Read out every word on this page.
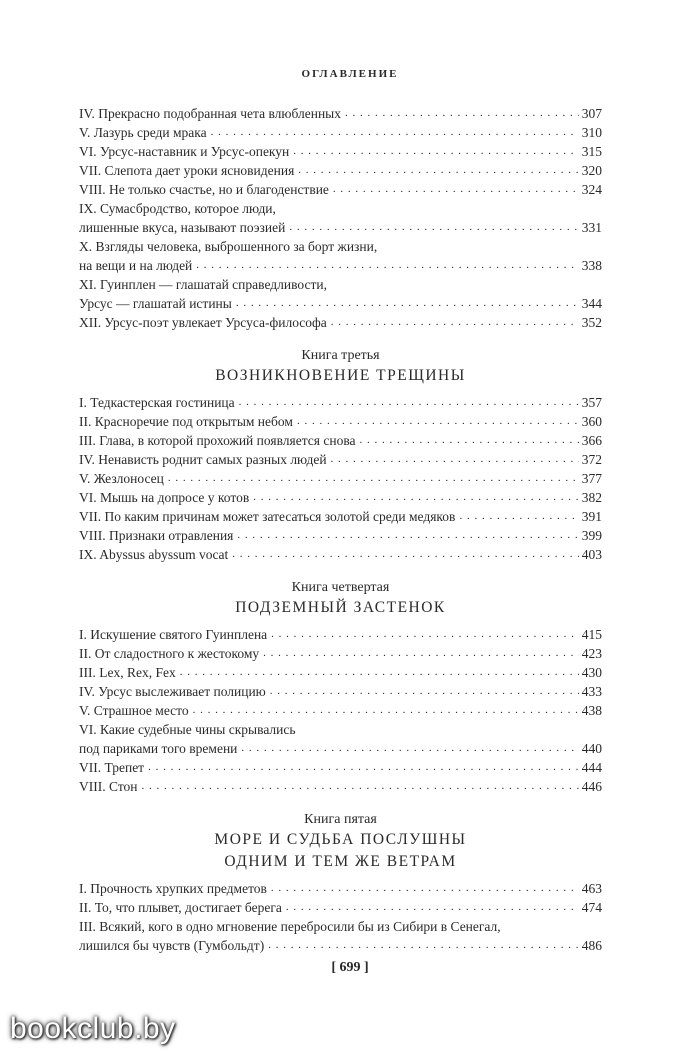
ОГЛАВЛЕНИЕ
IV. Прекрасно подобранная чета влюбленных . . .	307
V. Лазурь среди мрака . . .	310
VI. Урсус-наставник и Урсус-опекун . . .	315
VII. Слепота дает уроки ясновидения . . .	320
VIII. Не только счастье, но и благоденствие . . .	324
IX. Сумасбродство, которое люди,
лишенные вкуса, называют поэзией . . .	331
X. Взгляды человека, выброшенного за борт жизни,
на вещи и на людей . . .	338
XI. Гуинплен — глашатай справедливости,
Урсус — глашатай истины . . .	344
XII. Урсус-поэт увлекает Урсуса-философа . . .	352
Книга третья
ВОЗНИКНОВЕНИЕ ТРЕЩИНЫ
I. Тедкастерская гостиница . . .	357
II. Красноречие под открытым небом . . .	360
III. Глава, в которой прохожий появляется снова . . .	366
IV. Ненависть роднит самых разных людей . . .	372
V. Жезлоносец . . .	377
VI. Мышь на допросе у котов . . .	382
VII. По каким причинам может затесаться золотой среди медяков . . .	391
VIII. Признаки отравления . . .	399
IX. Abyssus abyssum vocat . . .	403
Книга четвертая
ПОДЗЕМНЫЙ ЗАСТЕНОК
I. Искушение святого Гуинплена . . .	415
II. От сладостного к жестокому . . .	423
III. Lex, Rex, Fex . . .	430
IV. Урсус выслеживает полицию . . .	433
V. Страшное место . . .	438
VI. Какие судебные чины скрывались
под париками того времени . . .	440
VII. Трепет . . .	444
VIII. Стон . . .	446
Книга пятая
МОРЕ И СУДЬБА ПОСЛУШНЫ
ОДНИМ И ТЕМ ЖЕ ВЕТРАМ
I. Прочность хрупких предметов . . .	463
II. То, что плывет, достигает берега . . .	474
III. Всякий, кого в одно мгновение перебросили бы из Сибири в Сенегал,
лишился бы чувств (Гумбольдт) . . .	486
[ 699 ]
bookclub.by
